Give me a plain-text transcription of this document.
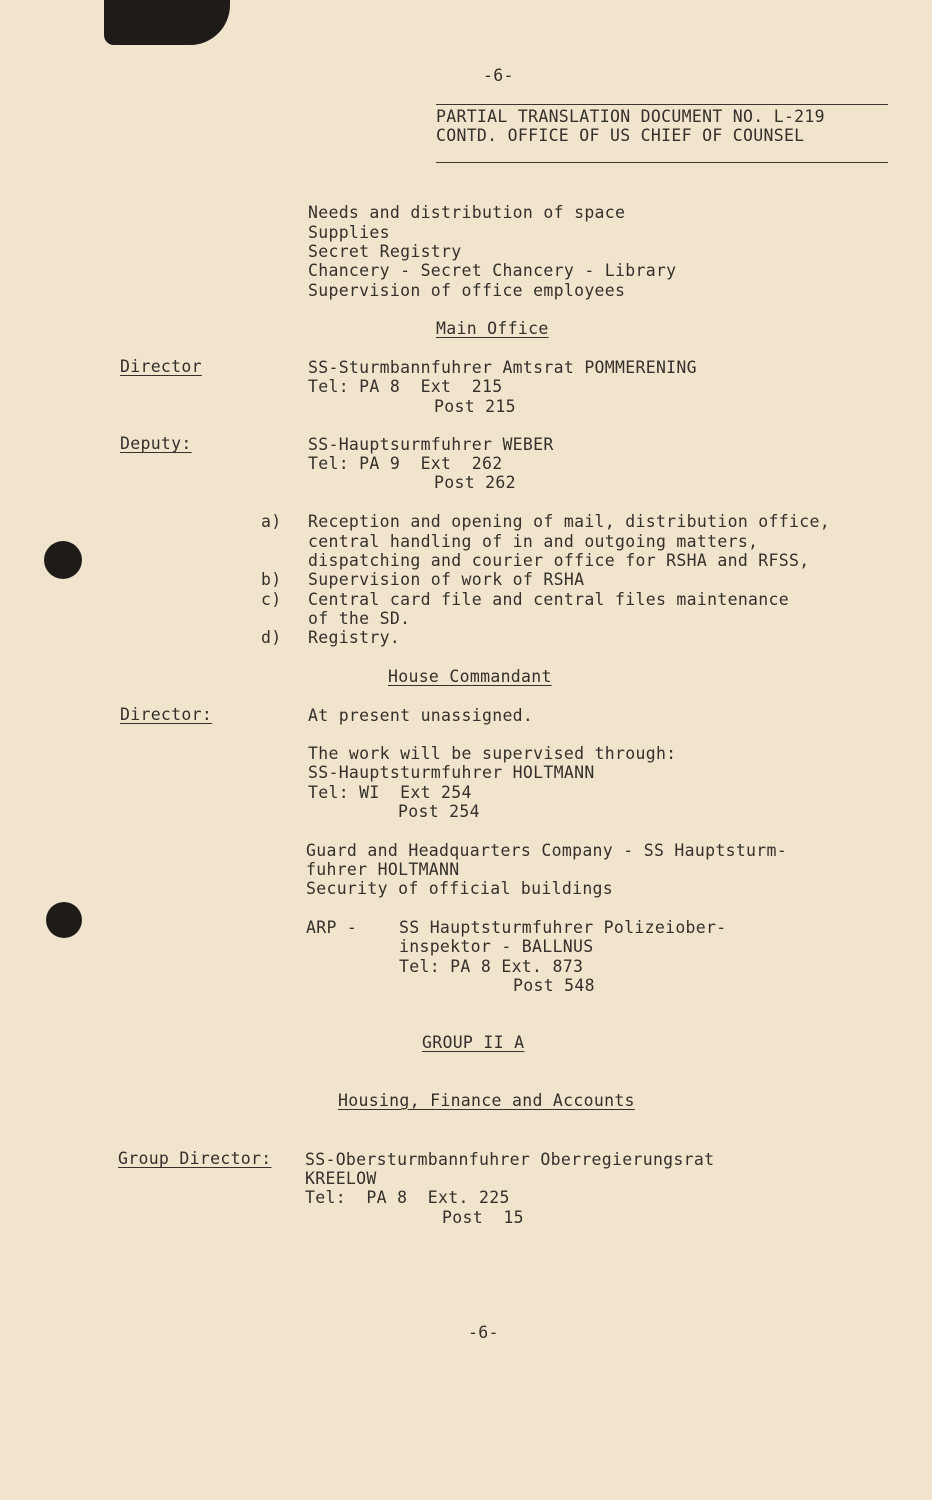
-6-
PARTIAL TRANSLATION DOCUMENT NO. L-219
CONTD. OFFICE OF US CHIEF OF COUNSEL
Needs and distribution of space
Supplies
Secret Registry
Chancery - Secret Chancery - Library
Supervision of office employees
Main Office
Director	SS-Sturmbannfuhrer Amtsrat POMMERENING
Tel: PA 8  Ext  215
Post 215
Deputy:	SS-Hauptsurmfuhrer WEBER
Tel: PA 9  Ext  262
Post 262
a) Reception and opening of mail, distribution office,
central handling of in and outgoing matters,
dispatching and courier office for RSHA and RFSS,
b) Supervision of work of RSHA
c) Central card file and central files maintenance
of the SD.
d) Registry.
House Commandant
Director:	At present unassigned.
The work will be supervised through:
SS-Hauptsturmfuhrer HOLTMANN
Tel: WI  Ext 254
Post 254
Guard and Headquarters Company - SS Hauptsturm-
fuhrer HOLTMANN
Security of official buildings
ARP -	SS Hauptsturmfuhrer Polizeiober-
inspektor - BALLNUS
Tel: PA 8 Ext. 873
Post 548
GROUP II A
Housing, Finance and Accounts
Group Director: SS-Obersturmbannfuhrer Oberregierungsrat
KREELOW
Tel:  PA 8  Ext. 225
Post  15
-6-
